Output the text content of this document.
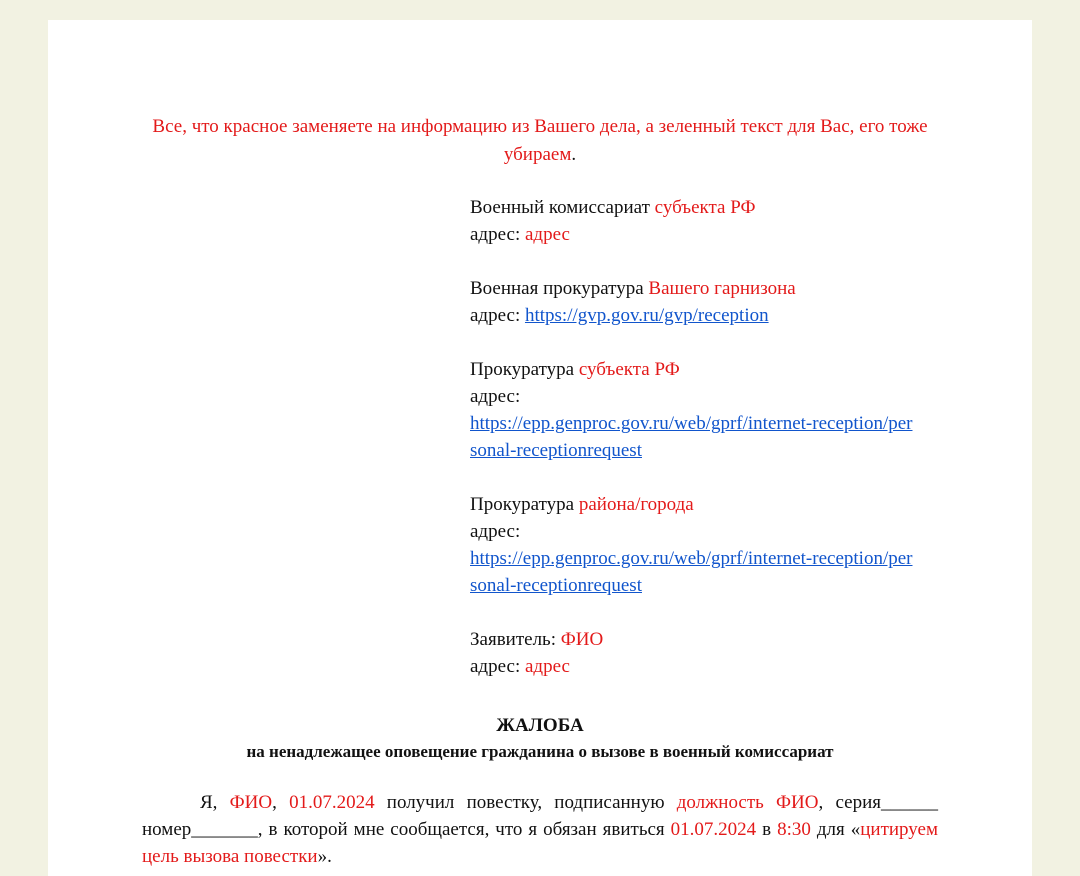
Все, что красное заменяете на информацию из Вашего дела, а зеленный текст для Вас, его тоже убираем.
Военный комиссариат субъекта РФ
адрес: адрес
Военная прокуратура Вашего гарнизона
адрес: https://gvp.gov.ru/gvp/reception
Прокуратура субъекта РФ
адрес:
https://epp.genproc.gov.ru/web/gprf/internet-reception/per
sonal-receptionrequest
Прокуратура района/города
адрес:
https://epp.genproc.gov.ru/web/gprf/internet-reception/per
sonal-receptionrequest
Заявитель: ФИО
адрес: адрес
ЖАЛОБА
на ненадлежащее оповещение гражданина о вызове в военный комиссариат
Я, ФИО, 01.07.2024 получил повестку, подписанную должность ФИО, серия______ номер_______, в которой мне сообщается, что я обязан явиться 01.07.2024 в 8:30 для «цитируем цель вызова повестки».
